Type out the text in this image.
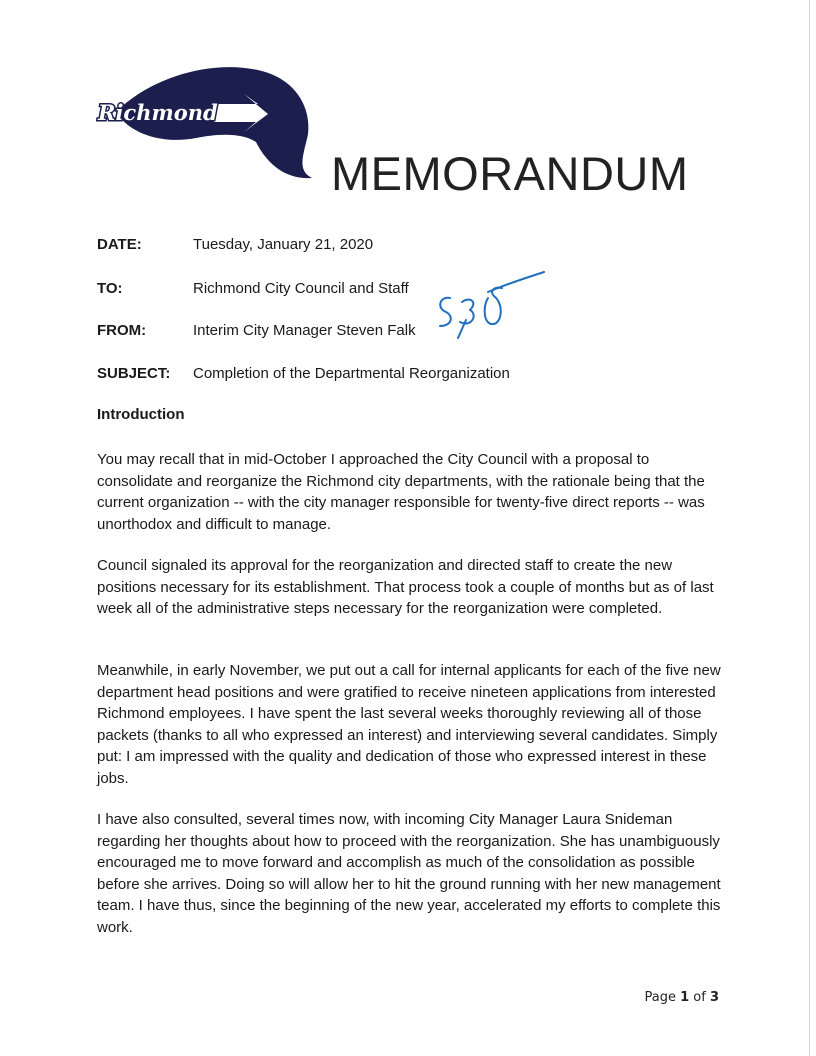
City of
Richmond
MEMORANDUM
DATE:	Tuesday, January 21, 2020
TO:	Richmond City Council and Staff
FROM:	Interim City Manager Steven Falk
SUBJECT: Completion of the Departmental Reorganization
Introduction

You may recall that in mid-October I approached the City Council with a proposal to consolidate and reorganize the Richmond city departments, with the rationale being that the current organization -- with the city manager responsible for twenty-five direct reports -- was unorthodox and difficult to manage.

Council signaled its approval for the reorganization and directed staff to create the new positions necessary for its establishment. That process took a couple of months but as of last week all of the administrative steps necessary for the reorganization were completed.

Meanwhile, in early November, we put out a call for internal applicants for each of the five new department head positions and were gratified to receive nineteen applications from interested Richmond employees. I have spent the last several weeks thoroughly reviewing all of those packets (thanks to all who expressed an interest) and interviewing several candidates. Simply put: I am impressed with the quality and dedication of those who expressed interest in these jobs.

I have also consulted, several times now, with incoming City Manager Laura Snideman regarding her thoughts about how to proceed with the reorganization. She has unambiguously encouraged me to move forward and accomplish as much of the consolidation as possible before she arrives. Doing so will allow her to hit the ground running with her new management team. I have thus, since the beginning of the new year, accelerated my efforts to complete this work.

Page 1 of 3
